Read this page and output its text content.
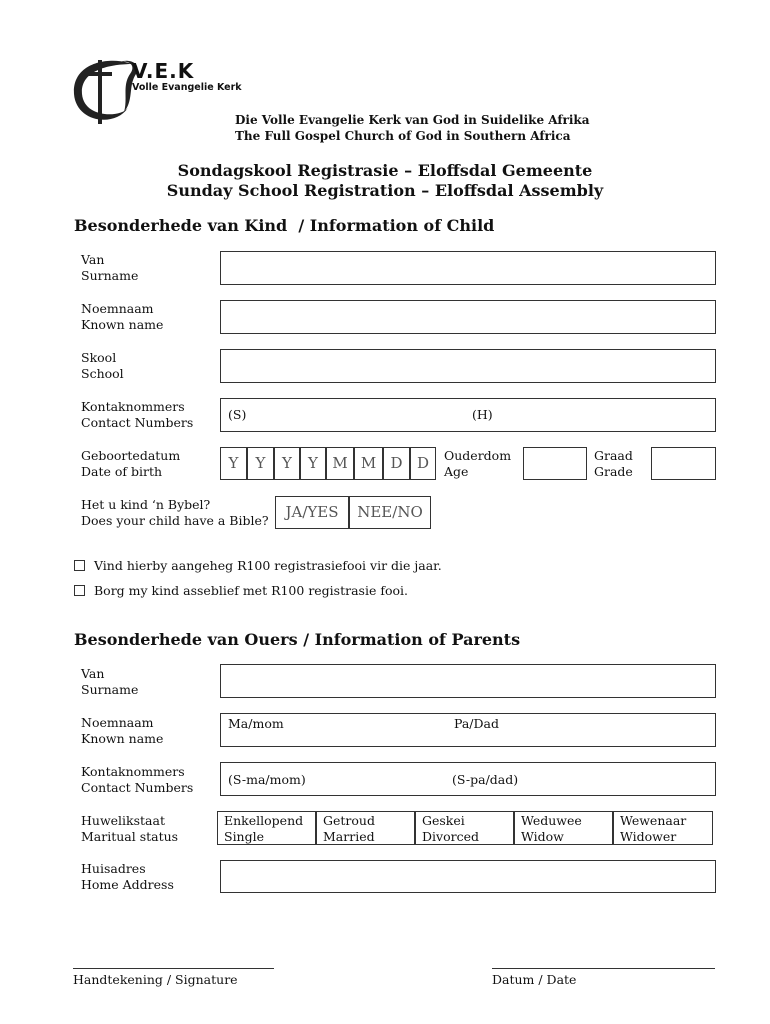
V.E.K
Volle Evangelie Kerk
Die Volle Evangelie Kerk van God in Suidelike Afrika
The Full Gospel Church of God in Southern Africa
Sondagskool Registrasie – Eloffsdal Gemeente
Sunday School Registration – Eloffsdal Assembly
Besonderhede van Kind  / Information of Child
Van
Surname
Noemnaam
Known name
Skool
School
Kontaknommers
Contact Numbers
(S)	(H)
Geboortedatum
Date of birth	Y	Y	Y	Y M M D D	Ouderdom
Age
Graad
Grade
Het u kind ‘n Bybel?
Does your child have a Bible?	JA/YES	NEE/NO
Vind hierby aangeheg R100 registrasiefooi vir die jaar.
Borg my kind asseblief met R100 registrasie fooi.
Besonderhede van Ouers / Information of Parents
Van
Surname
Noemnaam
Known name
Ma/mom	Pa/Dad
Kontaknommers
Contact Numbers
(S-ma/mom)	(S-pa/dad)
Huwelikstaat
Maritual status
Enkellopend
Single
Getroud
Married
Geskei
Divorced
Weduwee
Widow
Wewenaar
Widower
Huisadres
Home Address
Handtekening / Signature	Datum / Date
